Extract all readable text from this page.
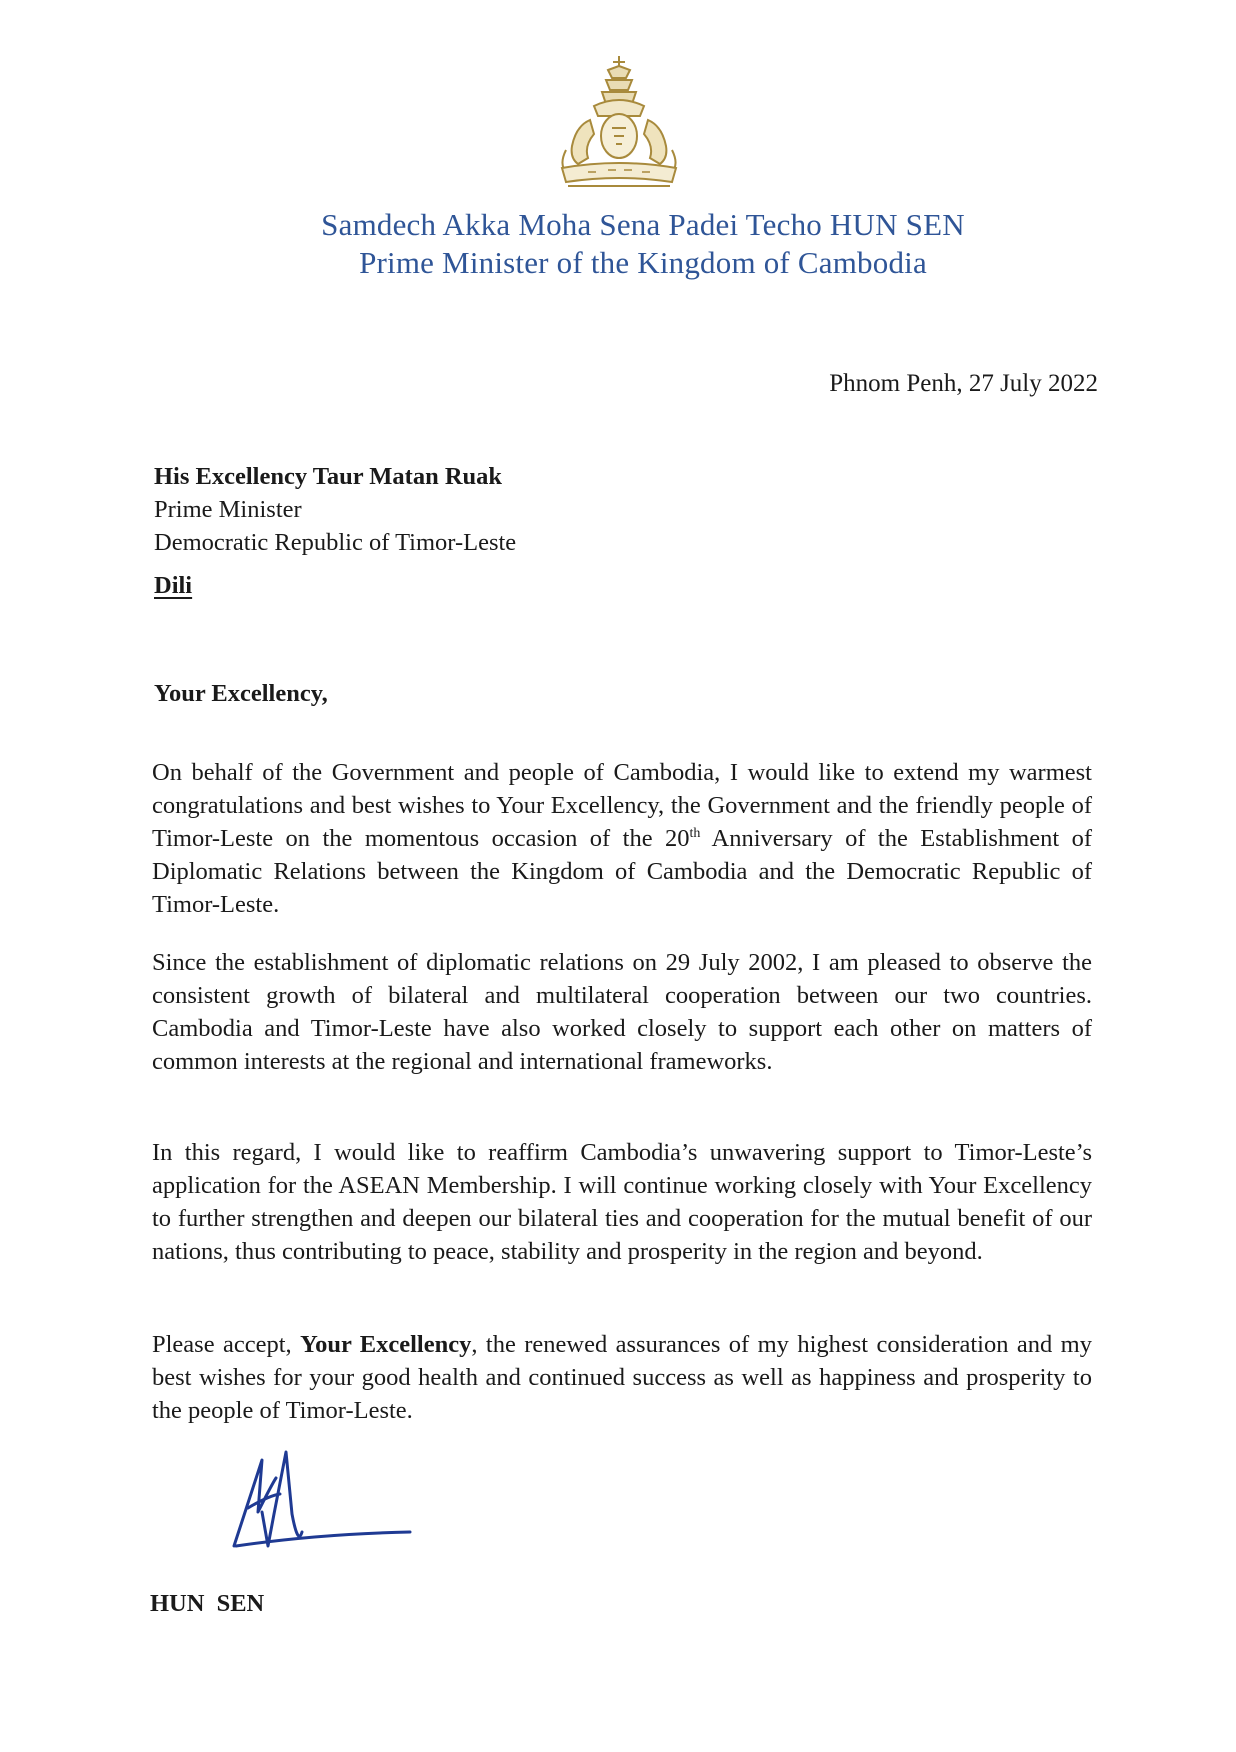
Samdech Akka Moha Sena Padei Techo HUN SEN
Prime Minister of the Kingdom of Cambodia
Phnom Penh, 27 July 2022
His Excellency Taur Matan Ruak
Prime Minister
Democratic Republic of Timor-Leste
Dili
Your Excellency,

On behalf of the Government and people of Cambodia, I would like to extend my warmest congratulations and best wishes to Your Excellency, the Government and the friendly people of Timor-Leste on the momentous occasion of the 20th Anniversary of the Establishment of Diplomatic Relations between the Kingdom of Cambodia and the Democratic Republic of Timor-Leste.

Since the establishment of diplomatic relations on 29 July 2002, I am pleased to observe the consistent growth of bilateral and multilateral cooperation between our two countries. Cambodia and Timor-Leste have also worked closely to support each other on matters of common interests at the regional and international frameworks.

In this regard, I would like to reaffirm Cambodia’s unwavering support to Timor-Leste’s application for the ASEAN Membership. I will continue working closely with Your Excellency to further strengthen and deepen our bilateral ties and cooperation for the mutual benefit of our nations, thus contributing to peace, stability and prosperity in the region and beyond.

Please accept, Your Excellency, the renewed assurances of my highest consideration and my best wishes for your good health and continued success as well as happiness and prosperity to the people of Timor-Leste.

HUN SEN
